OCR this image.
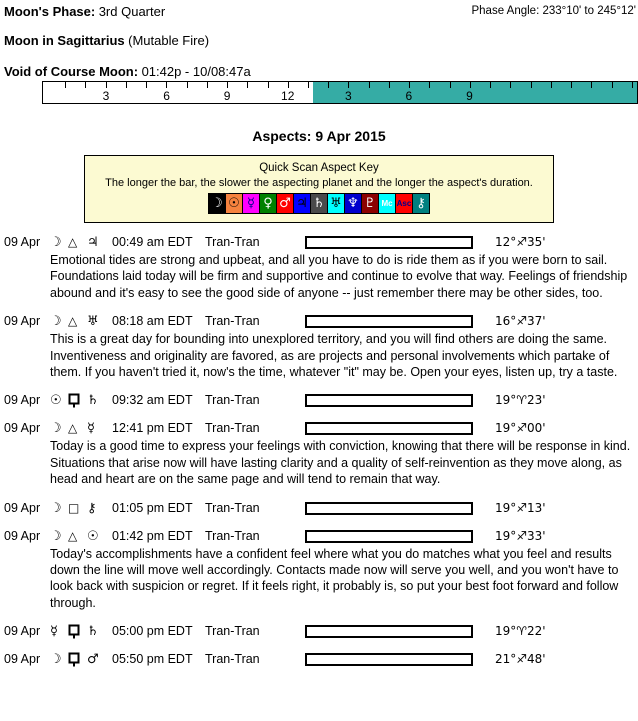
Moon's Phase: 3rd Quarter	Phase Angle: 233°10' to 245°12'
Moon in Sagittarius (Mutable Fire)
Void of Course Moon: 01:42p - 10/08:47a
3	6	9	12	3	6	9
Aspects: 9 Apr 2015
Quick Scan Aspect Key
The longer the bar, the slower the aspecting planet and the longer the aspect's duration.
☽ ☉ ☿ ♀ ♂ ♃ ♄ ♅ ♆ ♇ Mc Asc ⚷
09 Apr ☽ △ ♃ 00:49 am EDT Tran-Tran	12°♐35'
Emotional tides are strong and upbeat, and all you have to do is ride them as if you were born to sail. Foundations laid today will be firm and supportive and continue to evolve that way. Feelings of friendship abound and it's easy to see the good side of anyone -- just remember there may be other sides, too.
09 Apr ☽ △ ♅ 08:18 am EDT Tran-Tran	16°♐37'
This is a great day for bounding into unexplored territory, and you will find others are doing the same. Inventiveness and originality are favored, as are projects and personal involvements which partake of them. If you haven't tried it, now's the time, whatever "it" may be. Open your eyes, listen up, try a taste.
09 Apr ☉ ♄ 09:32 am EDT Tran-Tran	19°♈23'
09 Apr ☽ △ ☿ 12:41 pm EDT Tran-Tran	19°♐00'
Today is a good time to express your feelings with conviction, knowing that there will be response in kind. Situations that arise now will have lasting clarity and a quality of self-reinvention as they move along, as head and heart are on the same page and will tend to remain that way.
09 Apr ☽ □ ⚷ 01:05 pm EDT Tran-Tran	19°♐13'
09 Apr ☽ △ ☉ 01:42 pm EDT Tran-Tran	19°♐33'
Today's accomplishments have a confident feel where what you do matches what you feel and results down the line will move well accordingly. Contacts made now will serve you well, and you won't have to look back with suspicion or regret. If it feels right, it probably is, so put your best foot forward and follow through.
09 Apr ☿ ♄ 05:00 pm EDT Tran-Tran	19°♈22'
09 Apr ☽ ♂ 05:50 pm EDT Tran-Tran	21°♐48'
